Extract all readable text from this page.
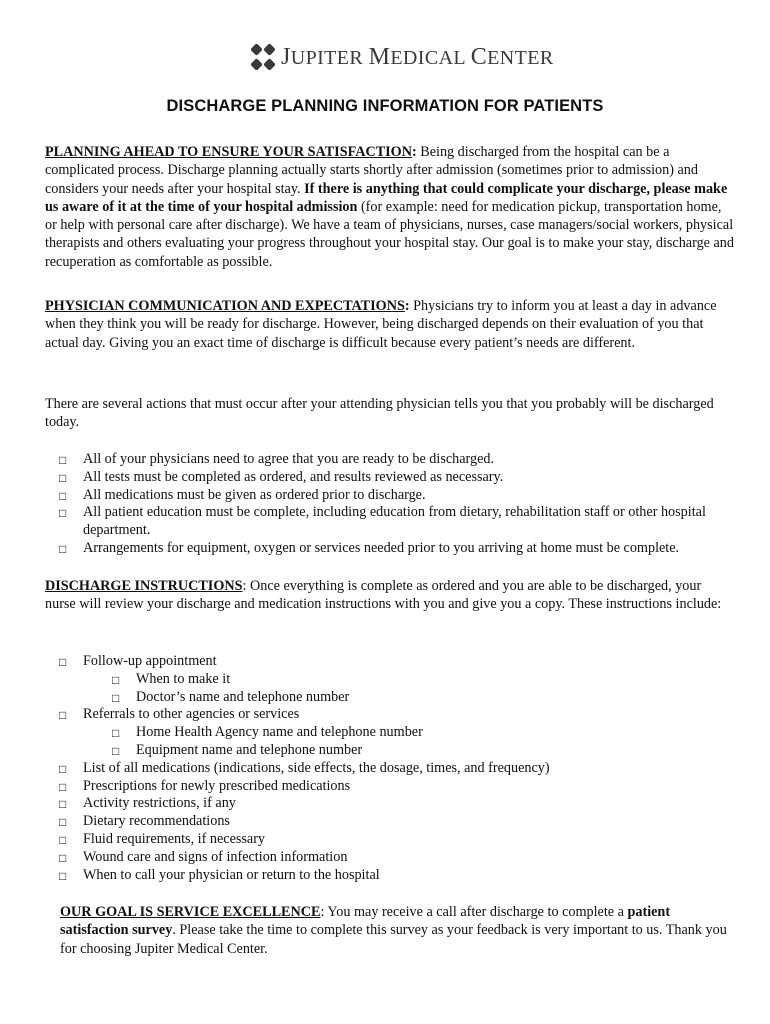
JUPITER MEDICAL CENTER
DISCHARGE PLANNING INFORMATION FOR PATIENTS

PLANNING AHEAD TO ENSURE YOUR SATISFACTION: Being discharged from the hospital can be a complicated process. Discharge planning actually starts shortly after admission (sometimes prior to admission) and considers your needs after your hospital stay. If there is anything that could complicate your discharge, please make us aware of it at the time of your hospital admission (for example: need for medication pickup, transportation home, or help with personal care after discharge). We have a team of physicians, nurses, case managers/social workers, physical therapists and others evaluating your progress throughout your hospital stay. Our goal is to make your stay, discharge and recuperation as comfortable as possible.

PHYSICIAN COMMUNICATION AND EXPECTATIONS: Physicians try to inform you at least a day in advance when they think you will be ready for discharge. However, being discharged depends on their evaluation of you that actual day. Giving you an exact time of discharge is difficult because every patient’s needs are different.

There are several actions that must occur after your attending physician tells you that you probably will be discharged today.

□ All of your physicians need to agree that you are ready to be discharged.
□ All tests must be completed as ordered, and results reviewed as necessary.
□ All medications must be given as ordered prior to discharge.
□ All patient education must be complete, including education from dietary, rehabilitation staff or other hospital department.
□ Arrangements for equipment, oxygen or services needed prior to you arriving at home must be complete.

DISCHARGE INSTRUCTIONS: Once everything is complete as ordered and you are able to be discharged, your nurse will review your discharge and medication instructions with you and give you a copy. These instructions include:

□ Follow-up appointment
□ When to make it
□ Doctor’s name and telephone number
□ Referrals to other agencies or services
□ Home Health Agency name and telephone number
□ Equipment name and telephone number
□ List of all medications (indications, side effects, the dosage, times, and frequency)
□ Prescriptions for newly prescribed medications
□ Activity restrictions, if any
□ Dietary recommendations
□ Fluid requirements, if necessary
□ Wound care and signs of infection information
□ When to call your physician or return to the hospital

OUR GOAL IS SERVICE EXCELLENCE: You may receive a call after discharge to complete a patient satisfaction survey. Please take the time to complete this survey as your feedback is very important to us. Thank you for choosing Jupiter Medical Center.
